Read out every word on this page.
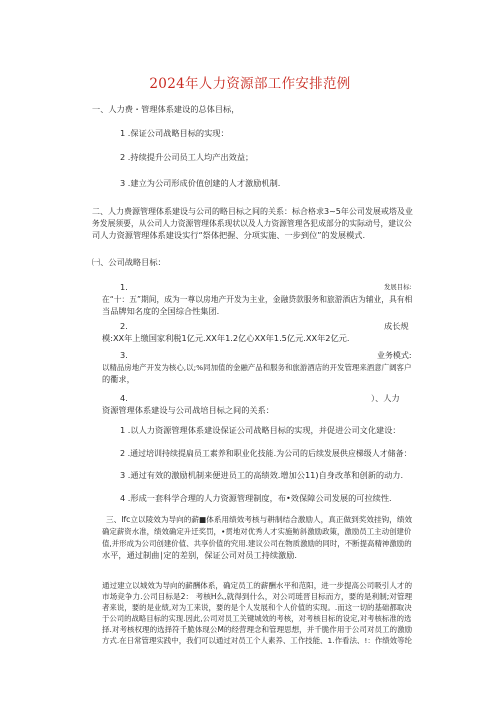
2024年人力资源部工作安排范例
一、人力费・管理体系建设的总体目标，
1 .保证公司战略目标的实现：
2 .持续提升公司员工人均产出效益；
3 .建立为公司形成价值创建的人才激励机制.
二、人力费源管理体系建设与公司的略目标之间的关系：标合格求3~5年公司发展戒塔及业
务发展须要，从公司人力资源管理体系现状以及人力资源管理各犯成部分的实际动号，建议公
司人力资源管理体系建设实行“祭体把握、分项实施、一步到位”的发展模式.
㈠、公司战略目标：
1.	发展目标:
在“十：五”期间，成为一尊以房地产开发为主业，金融贷款服务和旅游酒店为辅业，具有相
当品牌知名度的全国综合性集团.
2.	成长规
模:XX年上缴国家利税1亿元.XX年1.2亿心XX年1.5亿元.XX年2亿元.
3.	业务模式:
以精品房地产开发为核心,以;%同加值的金融产品和服务和旅游酒店的开发管理来酒意广阔客户
的衢求，
4.	）、人力
资源管理体系建设与公司战培目标之间的关系：
1 .以人力资源管理体系建设保证公司战略目标的实现，并促进公司文化建设：
2 .通过培训持续提扁员工素养和职业化技能.为公司的后续发展供应梯级人才储备：
3 .通过有效的激励机制来便进员工的高绩效.增加公11)自身改革和创新的动力.
4 .形成一套科学合理的人力资源管理制度，布•效保障公司发展的可拉续性.
三、Ifc立以陵效为导向的薪■体系用绩效考核与耕制结合激励人，真正做到奖效挂钩，绩效
确定薪资水准，绩效确定升迁奖罚，•贯地对优秀人才实施鲂斜激励政策，激励员工主动创建价
值,并形成为公司创建价值、共享价值的究用.建议公司在物质激励的同时，不断提高精神激励的
水平，通过制曲∣定的差别，保证公司对员工持续激励.
通过建立以城效为导向的薪酬体系，确定员工的薪酬水平和范阳，进一步提高公司吸引人才的
市场竞争力.公司目标是2： 考核H么,就得到什么，对公司琏晋目标而方，要的是利制;对管理
者来说，要的是业绩,对为工来说，要的是个人发展和个人价值的实现。.而这一切的基础都取决
于公司的战略目标的实现.因此,公司对员工关键城效的考核，对考核目标的设定,对考核标准的选
择.对考核权理的选择符千脆体现公M的经营理念和管理思想，并千脆作用于公司对员工的激励
方式.在日常管理实践中，我们可以通过对员工个人素养、工作技能、1.作看法、!：作绩效等纶
